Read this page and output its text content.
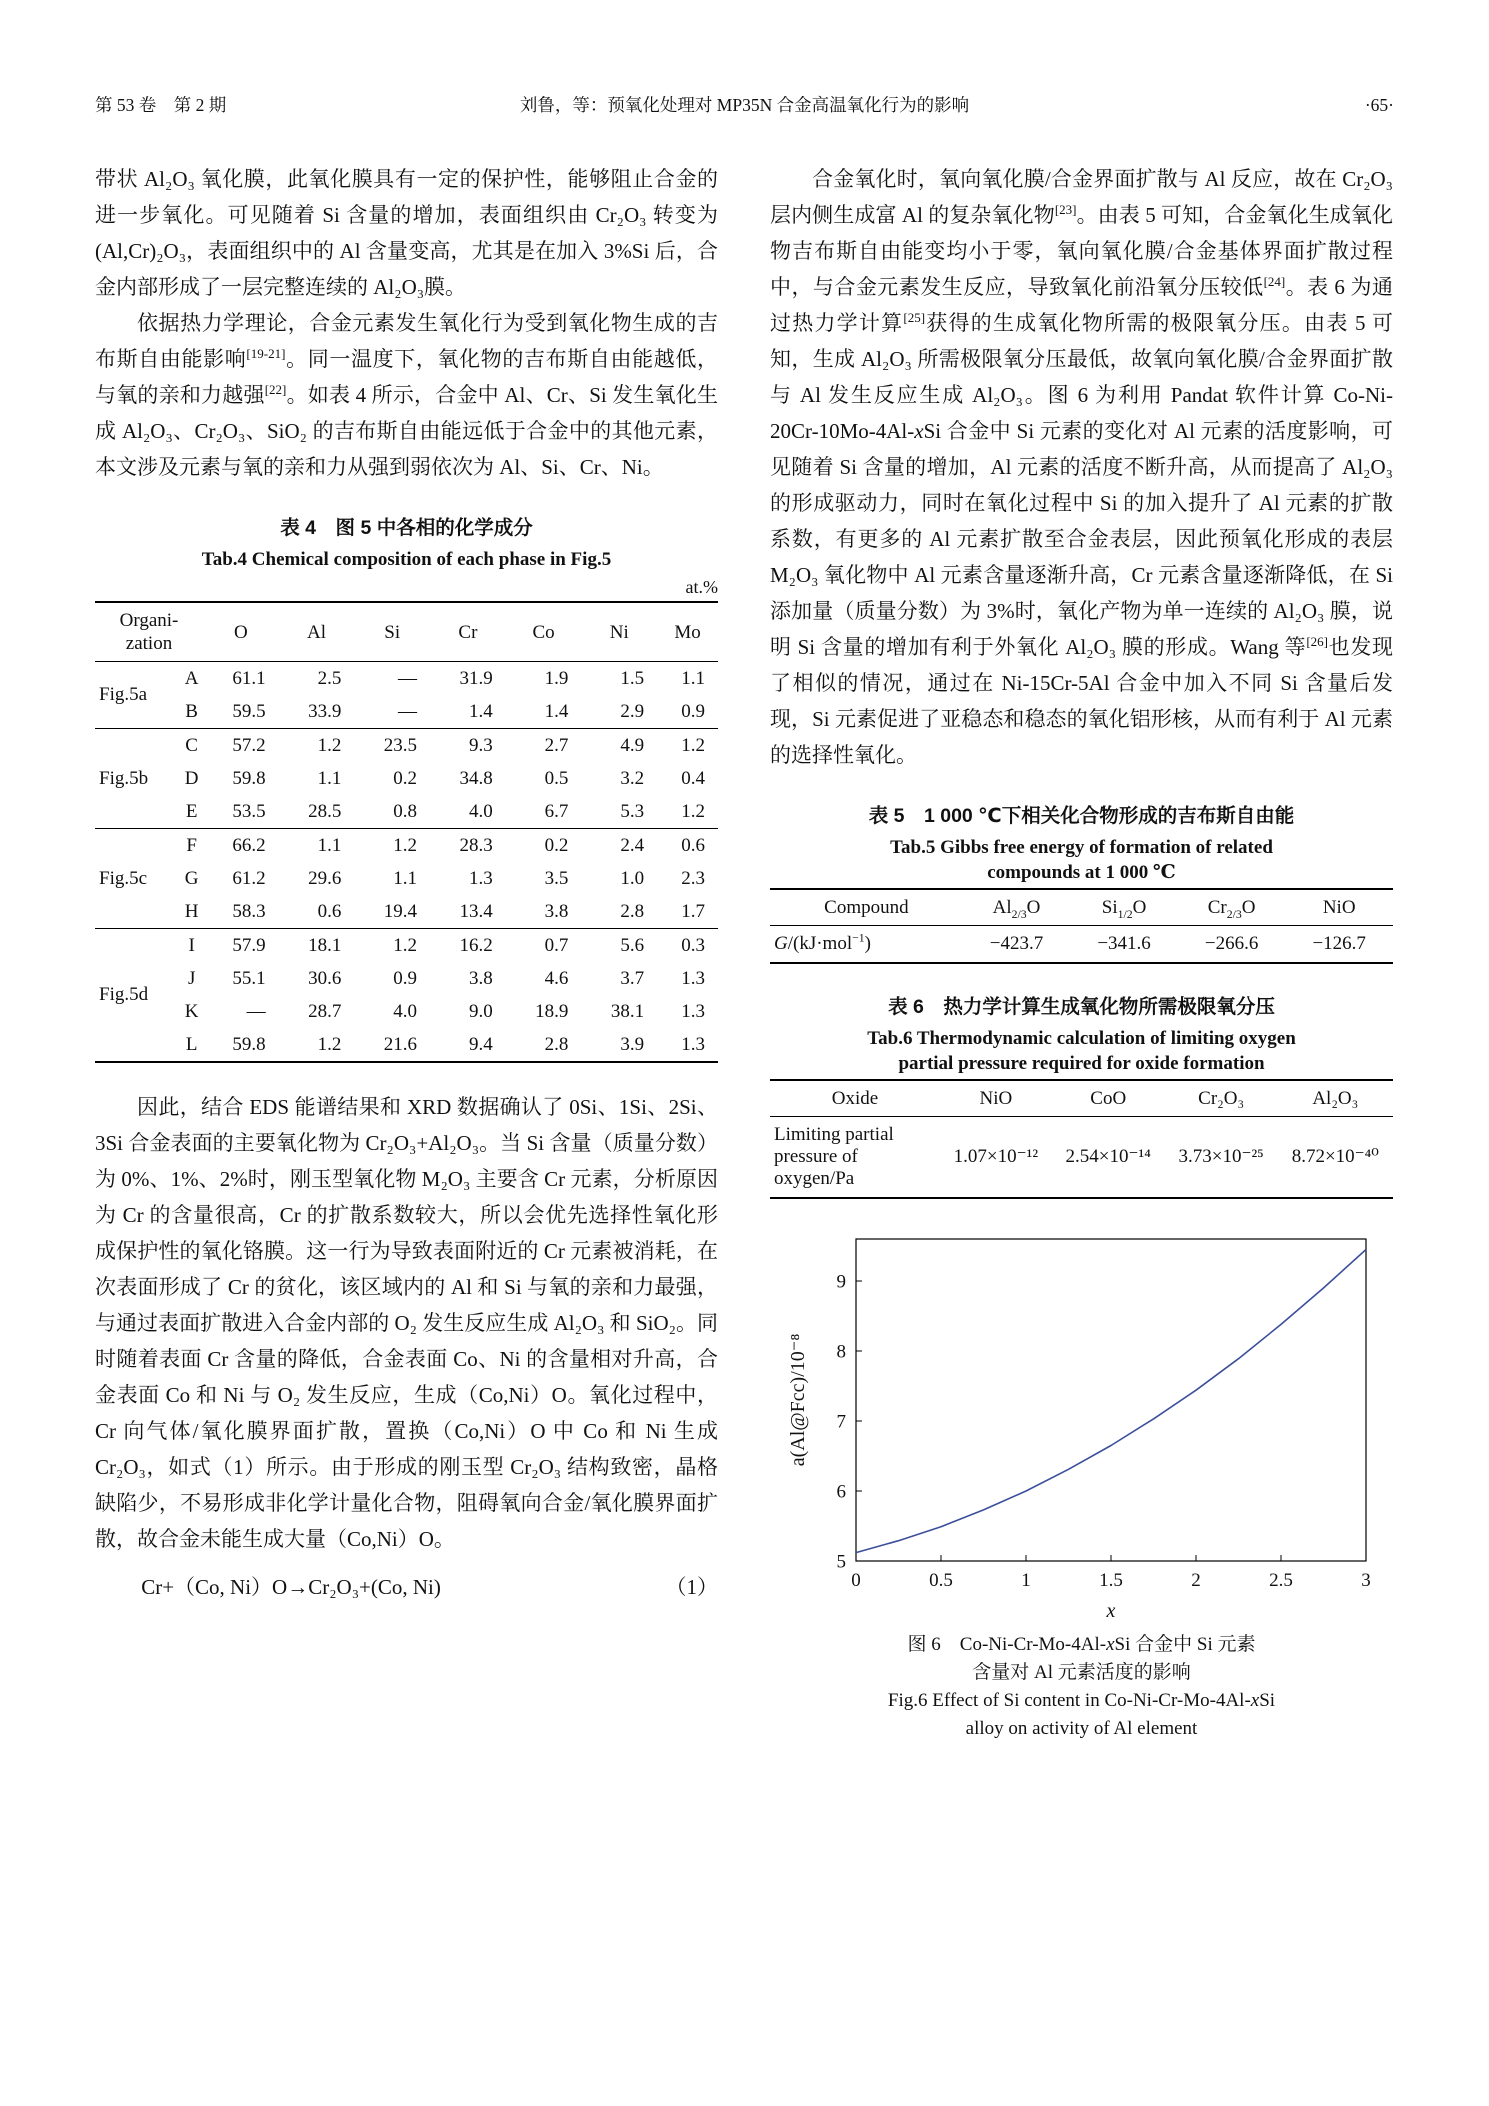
第 53 卷　第 2 期	刘鲁，等：预氧化处理对 MP35N 合金高温氧化行为的影响	·65·

带状 Al₂O₃ 氧化膜，此氧化膜具有一定的保护性，能够阻止合金的进一步氧化。可见随着 Si 含量的增加，表面组织由 Cr₂O₃ 转变为(Al,Cr)₂O₃，表面组织中的 Al 含量变高，尤其是在加入 3%Si 后，合金内部形成了一层完整连续的 Al₂O₃膜。

依据热力学理论，合金元素发生氧化行为受到氧化物生成的吉布斯自由能影响[19-21]。同一温度下，氧化物的吉布斯自由能越低，与氧的亲和力越强[22]。如表 4 所示，合金中 Al、Cr、Si 发生氧化生成 Al₂O₃、Cr₂O₃、SiO₂ 的吉布斯自由能远低于合金中的其他元素，本文涉及元素与氧的亲和力从强到弱依次为 Al、Si、Cr、Ni。

表 4　图 5 中各相的化学成分
Tab.4 Chemical composition of each phase in Fig.5
at.%
Organi-
zation		O	Al	Si	Cr	Co	Ni	Mo
Fig.5a	A	61.1	2.5	—	31.9	1.9	1.5	1.1
	B	59.5	33.9	—	1.4	1.4	2.9	0.9
Fig.5b	C	57.2	1.2	23.5	9.3	2.7	4.9	1.2
	D	59.8	1.1	0.2	34.8	0.5	3.2	0.4
	E	53.5	28.5	0.8	4.0	6.7	5.3	1.2
Fig.5c	F	66.2	1.1	1.2	28.3	0.2	2.4	0.6
	G	61.2	29.6	1.1	1.3	3.5	1.0	2.3
	H	58.3	0.6	19.4	13.4	3.8	2.8	1.7
Fig.5d	I	57.9	18.1	1.2	16.2	0.7	5.6	0.3
	J	55.1	30.6	0.9	3.8	4.6	3.7	1.3
	K	—	28.7	4.0	9.0	18.9	38.1	1.3
	L	59.8	1.2	21.6	9.4	2.8	3.9	1.3

因此，结合 EDS 能谱结果和 XRD 数据确认了 0Si、1Si、2Si、3Si 合金表面的主要氧化物为 Cr₂O₃+Al₂O₃。当 Si 含量（质量分数）为 0%、1%、2%时，刚玉型氧化物 M₂O₃ 主要含 Cr 元素，分析原因为 Cr 的含量很高，Cr 的扩散系数较大，所以会优先选择性氧化形成保护性的氧化铬膜。这一行为导致表面附近的 Cr 元素被消耗，在次表面形成了 Cr 的贫化，该区域内的 Al 和 Si 与氧的亲和力最强，与通过表面扩散进入合金内部的 O₂ 发生反应生成 Al₂O₃ 和 SiO₂。同时随着表面 Cr 含量的降低，合金表面 Co、Ni 的含量相对升高，合金表面 Co 和 Ni 与 O₂ 发生反应，生成（Co,Ni）O。氧化过程中，Cr 向气体/氧化膜界面扩散，置换（Co,Ni）O 中 Co 和 Ni 生成 Cr₂O₃，如式（1）所示。由于形成的刚玉型 Cr₂O₃ 结构致密，晶格缺陷少，不易形成非化学计量化合物，阻碍氧向合金/氧化膜界面扩散，故合金未能生成大量（Co,Ni）O。

Cr+（Co, Ni）O→Cr₂O₃+(Co, Ni)	（1）

合金氧化时，氧向氧化膜/合金界面扩散与 Al 反应，故在 Cr₂O₃ 层内侧生成富 Al 的复杂氧化物[23]。由表 5 可知，合金氧化生成氧化物吉布斯自由能变均小于零，氧向氧化膜/合金基体界面扩散过程中，与合金元素发生反应，导致氧化前沿氧分压较低[24]。表 6 为通过热力学计算[25]获得的生成氧化物所需的极限氧分压。由表 5 可知，生成 Al₂O₃ 所需极限氧分压最低，故氧向氧化膜/合金界面扩散与 Al 发生反应生成 Al₂O₃。图 6 为利用 Pandat 软件计算 Co-Ni-20Cr-10Mo-4Al-xSi 合金中 Si 元素的变化对 Al 元素的活度影响，可见随着 Si 含量的增加，Al 元素的活度不断升高，从而提高了 Al₂O₃ 的形成驱动力，同时在氧化过程中 Si 的加入提升了 Al 元素的扩散系数，有更多的 Al 元素扩散至合金表层，因此预氧化形成的表层 M₂O₃ 氧化物中 Al 元素含量逐渐升高，Cr 元素含量逐渐降低，在 Si 添加量（质量分数）为 3%时，氧化产物为单一连续的 Al₂O₃ 膜，说明 Si 含量的增加有利于外氧化 Al₂O₃ 膜的形成。Wang 等[26]也发现了相似的情况，通过在 Ni-15Cr-5Al 合金中加入不同 Si 含量后发现，Si 元素促进了亚稳态和稳态的氧化铝形核，从而有利于 Al 元素的选择性氧化。

表 5　1 000 ℃下相关化合物形成的吉布斯自由能
Tab.5 Gibbs free energy of formation of related
compounds at 1 000 ℃
Compound	$Al_{2/3}O$	$Si_{1/2}O$	$Cr_{2/3}O$	NiO
G/(kJ·mol$^{-1}$)	−423.7	−341.6	−266.6	−126.7
表 6　热力学计算生成氧化物所需极限氧分压
Tab.6 Thermodynamic calculation of limiting oxygen
partial pressure required for oxide formation
Oxide	NiO	CoO	Cr₂O₃	Al₂O₃
Limiting partial pressure of oxygen/Pa	1.07×10⁻¹²	2.54×10⁻¹⁴	3.73×10⁻²⁵	8.72×10⁻⁴⁰
0	0.5	1	1.5	2	2.5	3
5
6
7
8
9
x
a(Al@Fcc)/10⁻⁸
图 6　Co-Ni-Cr-Mo-4Al-xSi 合金中 Si 元素
含量对 Al 元素活度的影响
Fig.6 Effect of Si content in Co-Ni-Cr-Mo-4Al-xSi
alloy on activity of Al element
